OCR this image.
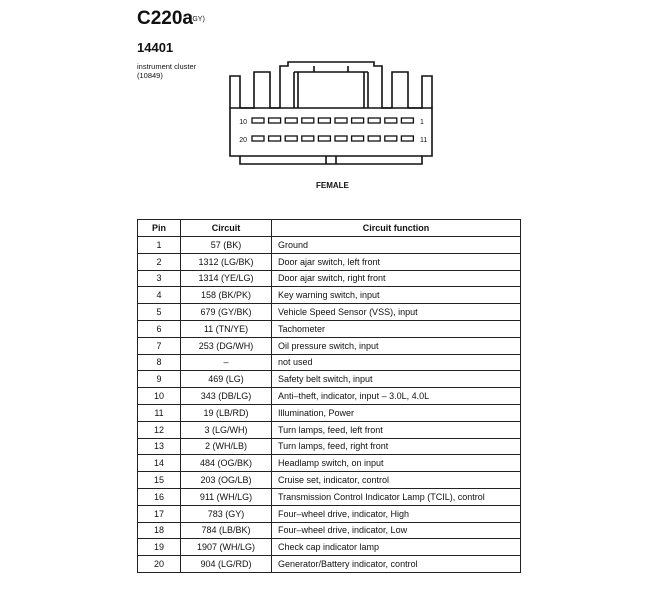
C220a
(GY)
14401
instrument cluster
(10849)
10	1
20	11
FEMALE
Pin	Circuit	Circuit function
1	57 (BK)	Ground
2	1312 (LG/BK)	Door ajar switch, left front
3	1314 (YE/LG)	Door ajar switch, right front
4	158 (BK/PK)	Key warning switch, input
5	679 (GY/BK)	Vehicle Speed Sensor (VSS), input
6	11 (TN/YE)	Tachometer
7	253 (DG/WH)	Oil pressure switch, input
8	–	not used
9	469 (LG)	Safety belt switch, input
10	343 (DB/LG)	Anti–theft, indicator, input – 3.0L, 4.0L
11	19 (LB/RD)	Illumination, Power
12	3 (LG/WH)	Turn lamps, feed, left front
13	2 (WH/LB)	Turn lamps, feed, right front
14	484 (OG/BK)	Headlamp switch, on input
15	203 (OG/LB)	Cruise set, indicator, control
16	911 (WH/LG)	Transmission Control Indicator Lamp (TCIL), control
17	783 (GY)	Four–wheel drive, indicator, High
18	784 (LB/BK)	Four–wheel drive, indicator, Low
19	1907 (WH/LG)	Check cap indicator lamp
20	904 (LG/RD)	Generator/Battery indicator, control
